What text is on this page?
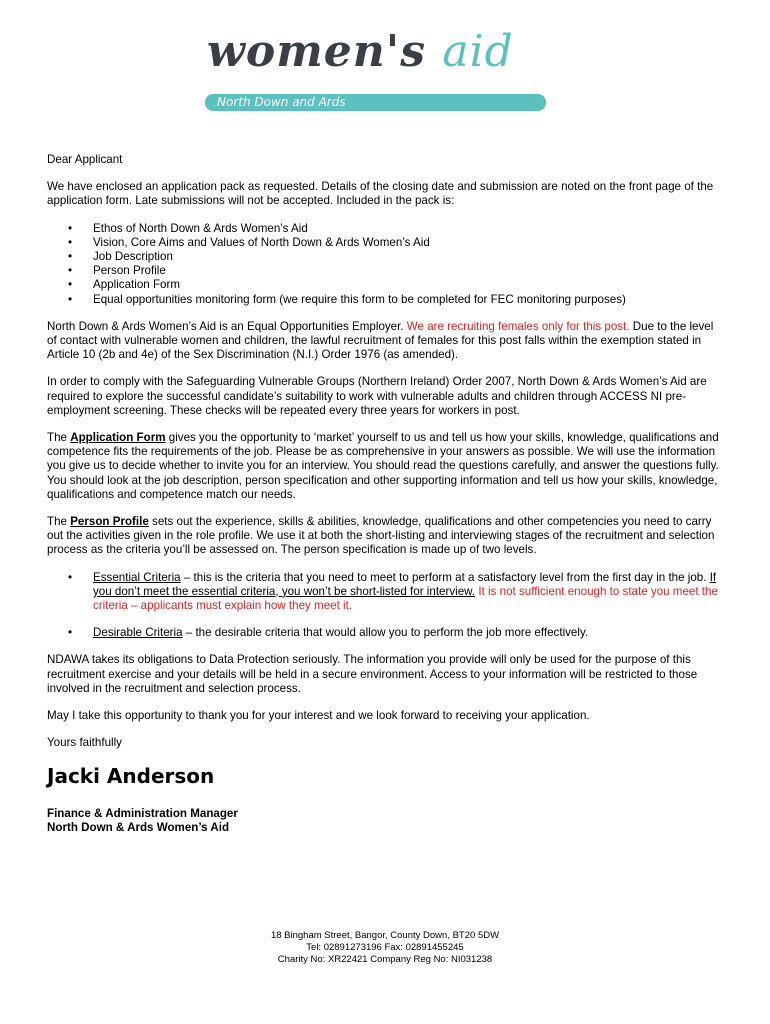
women's aid
North Down and Ards

Dear Applicant

We have enclosed an application pack as requested. Details of the closing date and submission are noted on the front page of the application form. Late submissions will not be accepted. Included in the pack is:

• Ethos of North Down & Ards Women’s Aid
• Vision, Core Aims and Values of North Down & Ards Women’s Aid
• Job Description
• Person Profile
• Application Form
• Equal opportunities monitoring form (we require this form to be completed for FEC monitoring purposes)

North Down & Ards Women’s Aid is an Equal Opportunities Employer. We are recruiting females only for this post. Due to the level of contact with vulnerable women and children, the lawful recruitment of females for this post falls within the exemption stated in Article 10 (2b and 4e) of the Sex Discrimination (N.I.) Order 1976 (as amended).

In order to comply with the Safeguarding Vulnerable Groups (Northern Ireland) Order 2007, North Down & Ards Women’s Aid are required to explore the successful candidate’s suitability to work with vulnerable adults and children through ACCESS NI pre-employment screening. These checks will be repeated every three years for workers in post.

The Application Form gives you the opportunity to ‘market’ yourself to us and tell us how your skills, knowledge, qualifications and competence fits the requirements of the job. Please be as comprehensive in your answers as possible. We will use the information you give us to decide whether to invite you for an interview. You should read the questions carefully, and answer the questions fully. You should look at the job description, person specification and other supporting information and tell us how your skills, knowledge, qualifications and competence match our needs.

The Person Profile sets out the experience, skills & abilities, knowledge, qualifications and other competencies you need to carry out the activities given in the role profile. We use it at both the short-listing and interviewing stages of the recruitment and selection process as the criteria you’ll be assessed on. The person specification is made up of two levels.

• Essential Criteria – this is the criteria that you need to meet to perform at a satisfactory level from the first day in the job. If you don’t meet the essential criteria, you won’t be short-listed for interview. It is not sufficient enough to state you meet the criteria – applicants must explain how they meet it.
• Desirable Criteria – the desirable criteria that would allow you to perform the job more effectively.

NDAWA takes its obligations to Data Protection seriously. The information you provide will only be used for the purpose of this recruitment exercise and your details will be held in a secure environment. Access to your information will be restricted to those involved in the recruitment and selection process.

May I take this opportunity to thank you for your interest and we look forward to receiving your application.

Yours faithfully

Jacki Anderson
Finance & Administration Manager
North Down & Ards Women’s Aid
18 Bingham Street, Bangor, County Down, BT20 5DW
Tel: 02891273196 Fax: 02891455245
Charity No: XR22421 Company Reg No: NI031238
